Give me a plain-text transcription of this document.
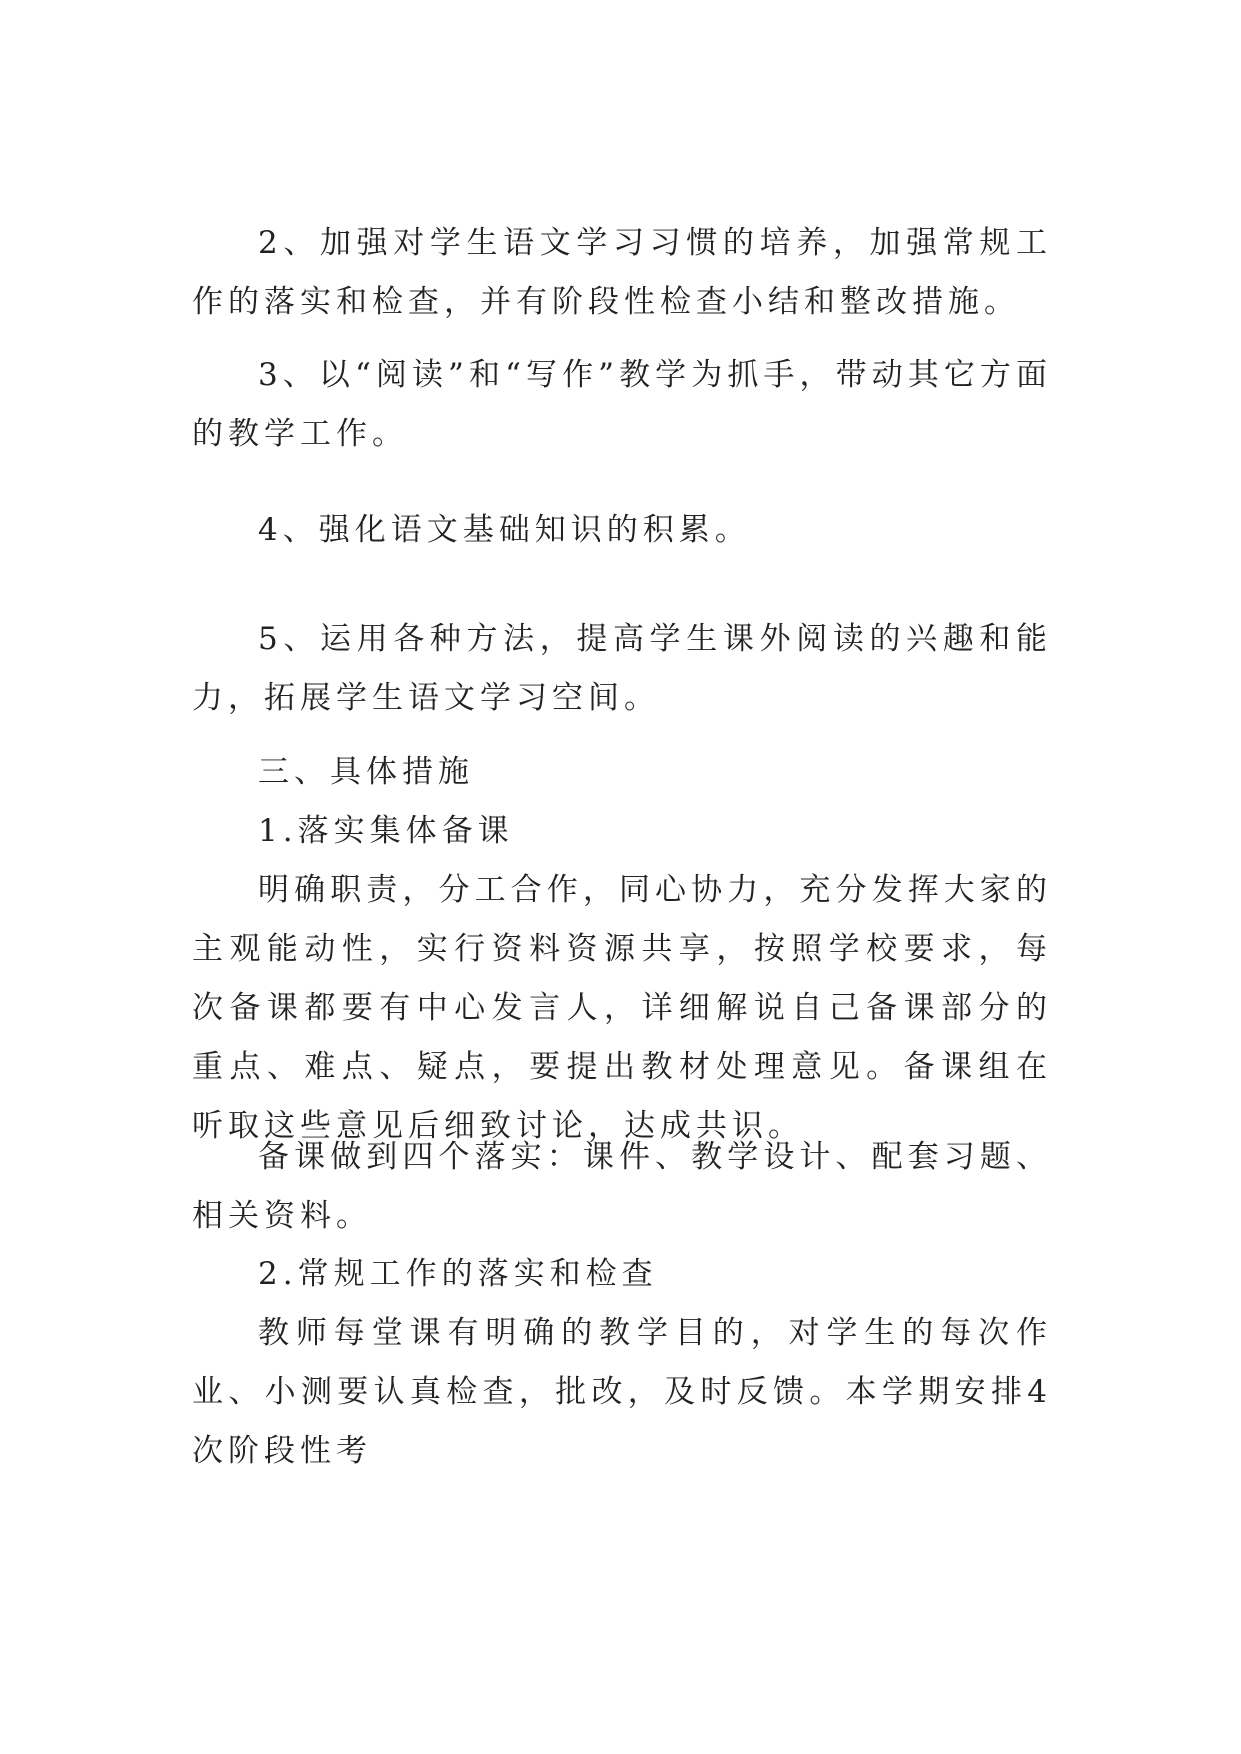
2、加强对学生语文学习习惯的培养，加强常规工作的落实和检查，并有阶段性检查小结和整改措施。

3、以“阅读”和“写作”教学为抓手，带动其它方面的教学工作。

4、强化语文基础知识的积累。

5、运用各种方法，提高学生课外阅读的兴趣和能力，拓展学生语文学习空间。

三、具体措施

1.落实集体备课

明确职责，分工合作，同心协力，充分发挥大家的主观能动性，实行资料资源共享，按照学校要求，每次备课都要有中心发言人，详细解说自己备课部分的重点、难点、疑点，要提出教材处理意见。备课组在听取这些意见后细致讨论，达成共识。

备课做到四个落实：课件、教学设计、配套习题、相关资料。

2.常规工作的落实和检查

教师每堂课有明确的教学目的，对学生的每次作业、小测要认真检查，批改，及时反馈。本学期安排4次阶段性考
